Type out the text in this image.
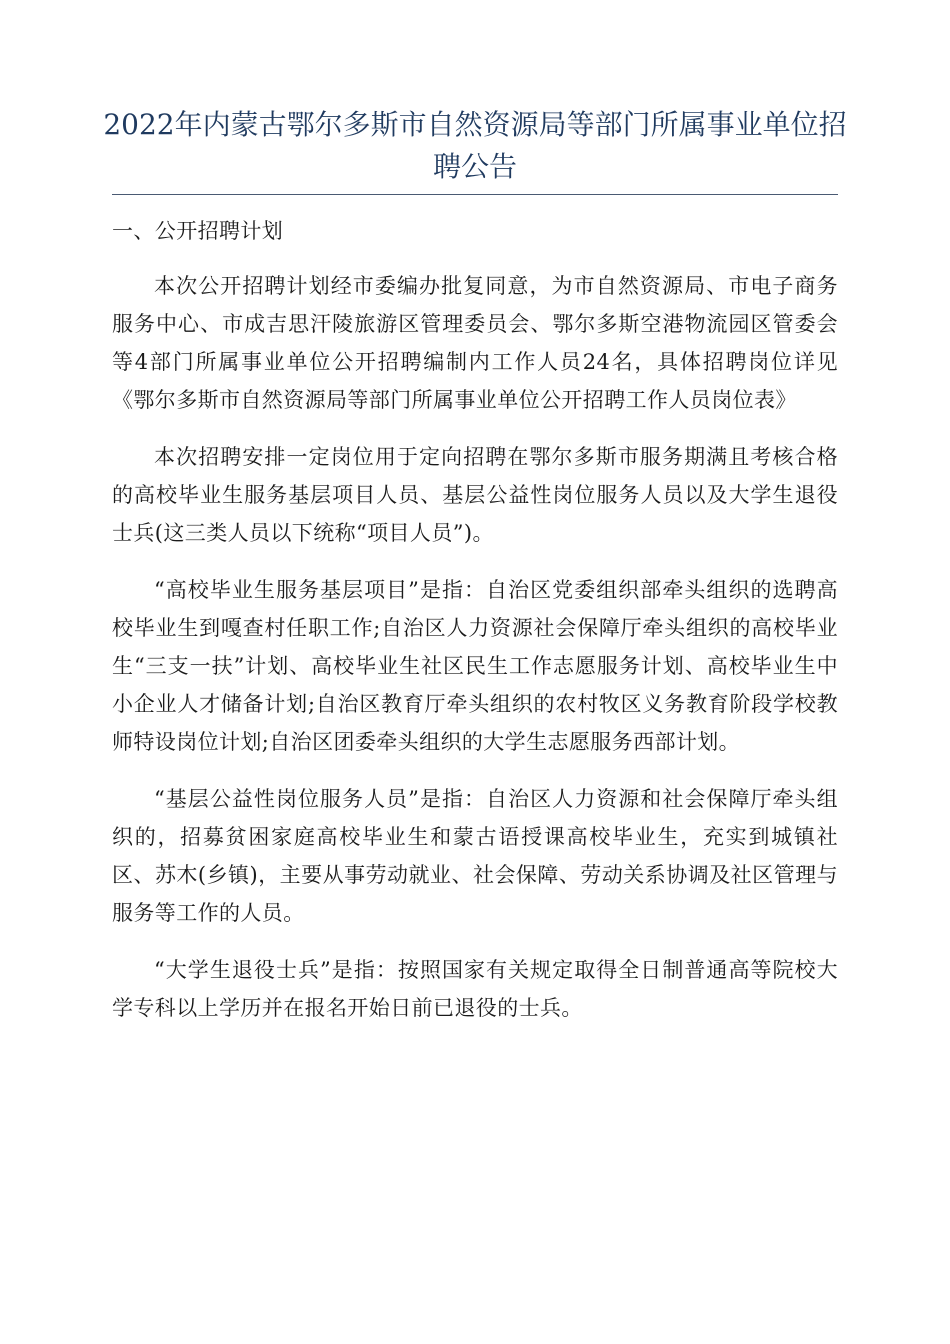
2022年内蒙古鄂尔多斯市自然资源局等部门所属事业单位招聘公告

一、公开招聘计划

本次公开招聘计划经市委编办批复同意，为市自然资源局、市电子商务服务中心、市成吉思汗陵旅游区管理委员会、鄂尔多斯空港物流园区管委会等4部门所属事业单位公开招聘编制内工作人员24名，具体招聘岗位详见《鄂尔多斯市自然资源局等部门所属事业单位公开招聘工作人员岗位表》

本次招聘安排一定岗位用于定向招聘在鄂尔多斯市服务期满且考核合格的高校毕业生服务基层项目人员、基层公益性岗位服务人员以及大学生退役士兵(这三类人员以下统称“项目人员”)。

“高校毕业生服务基层项目”是指：自治区党委组织部牵头组织的选聘高校毕业生到嘎查村任职工作;自治区人力资源社会保障厅牵头组织的高校毕业生“三支一扶”计划、高校毕业生社区民生工作志愿服务计划、高校毕业生中小企业人才储备计划;自治区教育厅牵头组织的农村牧区义务教育阶段学校教师特设岗位计划;自治区团委牵头组织的大学生志愿服务西部计划。

“基层公益性岗位服务人员”是指：自治区人力资源和社会保障厅牵头组织的，招募贫困家庭高校毕业生和蒙古语授课高校毕业生，充实到城镇社区、苏木(乡镇)，主要从事劳动就业、社会保障、劳动关系协调及社区管理与服务等工作的人员。

“大学生退役士兵”是指：按照国家有关规定取得全日制普通高等院校大学专科以上学历并在报名开始日前已退役的士兵。
